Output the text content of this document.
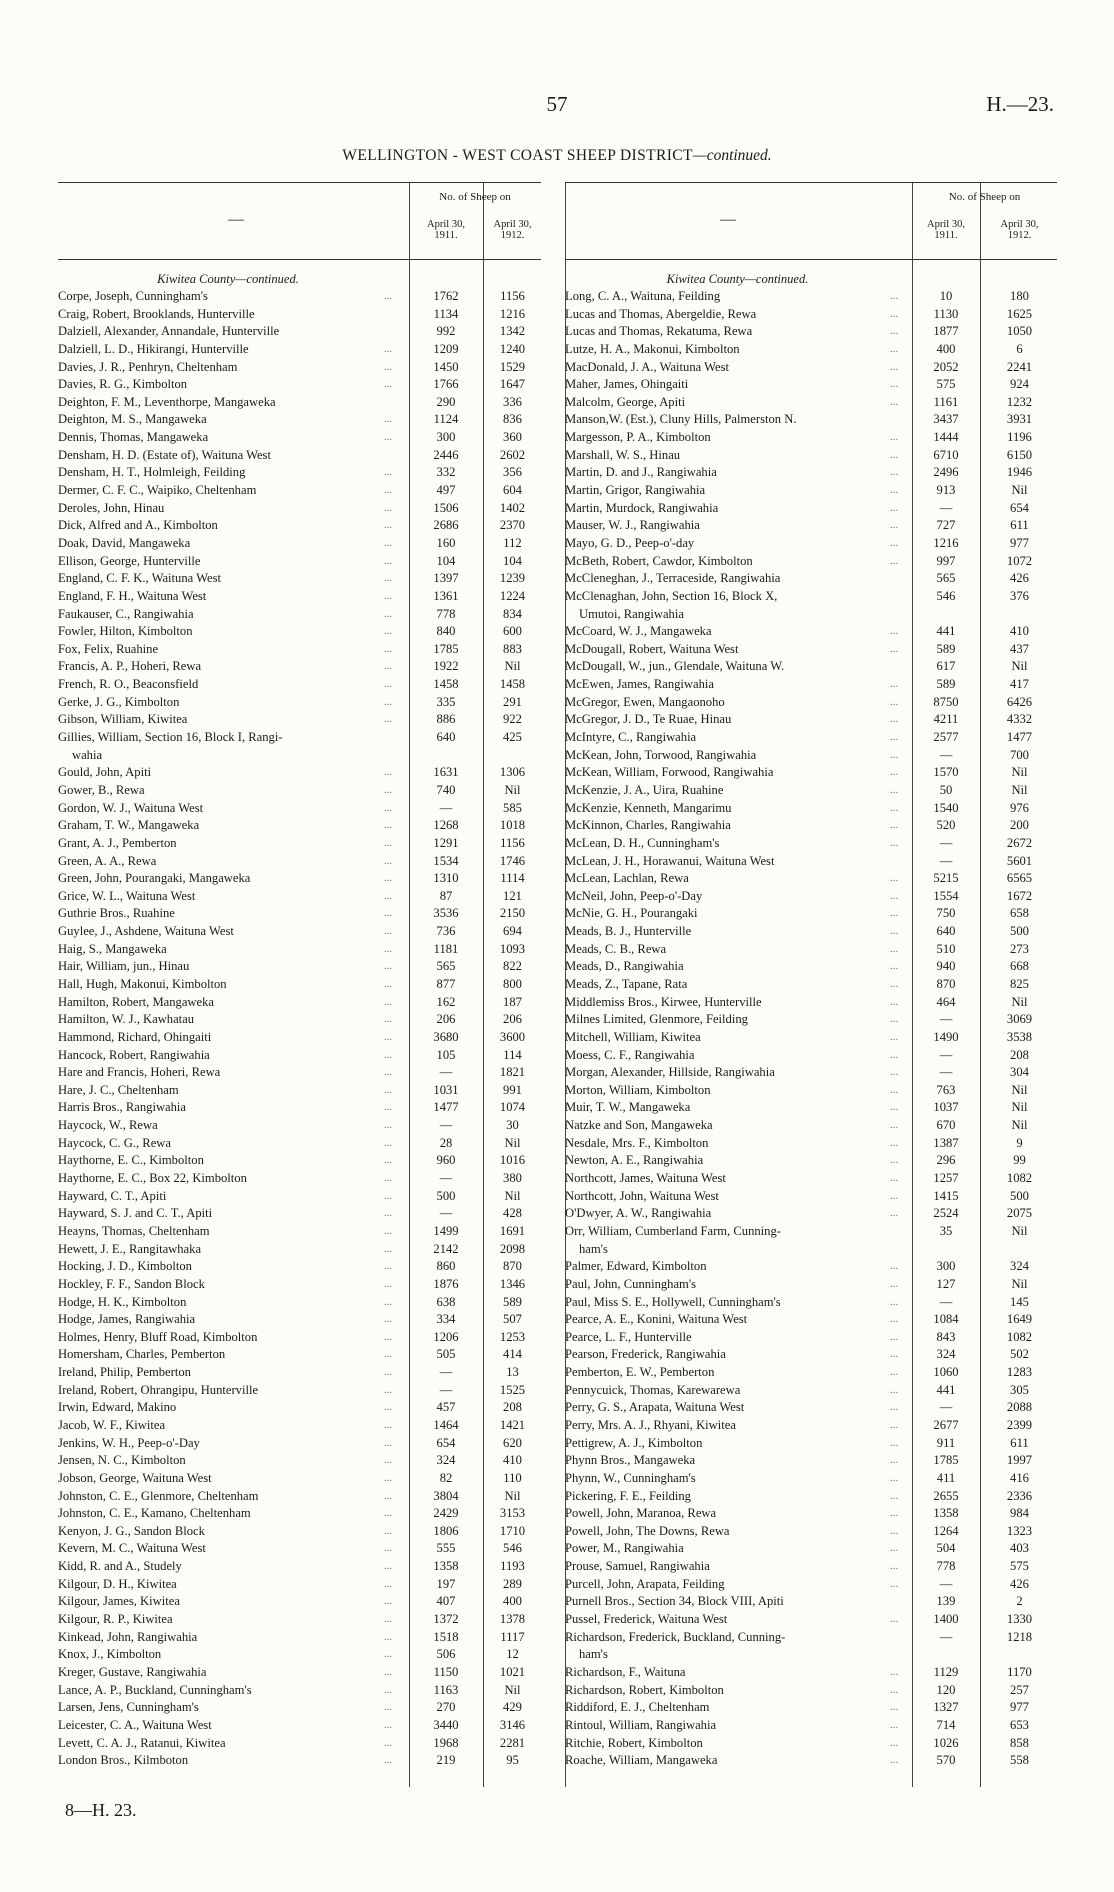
57	H.—23.
WELLINGTON - WEST COAST SHEEP DISTRICT—continued.
—
No. of Sheep on
April 30,
1911.
April 30,
1912.
Kiwitea County—continued.
Corpe, Joseph, Cunningham's	...	1762	1156
Craig, Robert, Brooklands, Hunterville	1134	1216
Dalziell, Alexander, Annandale, Hunterville	992	1342
Dalziell, L. D., Hikirangi, Hunterville	...	1209	1240
Davies, J. R., Penhryn, Cheltenham	...	1450	1529
Davies, R. G., Kimbolton	...	1766	1647
Deighton, F. M., Leventhorpe, Mangaweka	290	336
Deighton, M. S., Mangaweka	...	1124	836
Dennis, Thomas, Mangaweka	...	300	360
Densham, H. D. (Estate of), Waituna West	2446	2602
Densham, H. T., Holmleigh, Feilding	...	332	356
Dermer, C. F. C., Waipiko, Cheltenham	...	497	604
Deroles, John, Hinau	...	1506	1402
Dick, Alfred and A., Kimbolton	...	2686	2370
Doak, David, Mangaweka	...	160	112
Ellison, George, Hunterville	...	104	104
England, C. F. K., Waituna West	...	1397	1239
England, F. H., Waituna West	...	1361	1224
Faukauser, C., Rangiwahia	...	778	834
Fowler, Hilton, Kimbolton	...	840	600
Fox, Felix, Ruahine	...	1785	883
Francis, A. P., Hoheri, Rewa	...	1922	Nil
French, R. O., Beaconsfield	...	1458	1458
Gerke, J. G., Kimbolton	...	335	291
Gibson, William, Kiwitea	...	886	922
Gillies, William, Section 16, Block I, Rangi-	640	425
wahia
Gould, John, Apiti	...	1631	1306
Gower, B., Rewa	...	740	Nil
Gordon, W. J., Waituna West	...	—	585
Graham, T. W., Mangaweka	...	1268	1018
Grant, A. J., Pemberton	...	1291	1156
Green, A. A., Rewa	...	1534	1746
Green, John, Pourangaki, Mangaweka	...	1310	1114
Grice, W. L., Waituna West	...	87	121
Guthrie Bros., Ruahine	...	3536	2150
Guylee, J., Ashdene, Waituna West	...	736	694
Haig, S., Mangaweka	...	1181	1093
Hair, William, jun., Hinau	...	565	822
Hall, Hugh, Makonui, Kimbolton	...	877	800
Hamilton, Robert, Mangaweka	...	162	187
Hamilton, W. J., Kawhatau	...	206	206
Hammond, Richard, Ohingaiti	...	3680	3600
Hancock, Robert, Rangiwahia	...	105	114
Hare and Francis, Hoheri, Rewa	...	—	1821
Hare, J. C., Cheltenham	...	1031	991
Harris Bros., Rangiwahia	...	1477	1074
Haycock, W., Rewa	...	—	30
Haycock, C. G., Rewa	...	28	Nil
Haythorne, E. C., Kimbolton	...	960	1016
Haythorne, E. C., Box 22, Kimbolton	...	—	380
Hayward, C. T., Apiti	...	500	Nil
Hayward, S. J. and C. T., Apiti	...	—	428
Heayns, Thomas, Cheltenham	...	1499	1691
Hewett, J. E., Rangitawhaka	...	2142	2098
Hocking, J. D., Kimbolton	...	860	870
Hockley, F. F., Sandon Block	...	1876	1346
Hodge, H. K., Kimbolton	...	638	589
Hodge, James, Rangiwahia	...	334	507
Holmes, Henry, Bluff Road, Kimbolton	...	1206	1253
Homersham, Charles, Pemberton	...	505	414
Ireland, Philip, Pemberton	...	—	13
Ireland, Robert, Ohrangipu, Hunterville	...	—	1525
Irwin, Edward, Makino	...	457	208
Jacob, W. F., Kiwitea	...	1464	1421
Jenkins, W. H., Peep-o'-Day	...	654	620
Jensen, N. C., Kimbolton	...	324	410
Jobson, George, Waituna West	...	82	110
Johnston, C. E., Glenmore, Cheltenham	...	3804	Nil
Johnston, C. E., Kamano, Cheltenham	...	2429	3153
Kenyon, J. G., Sandon Block	...	1806	1710
Kevern, M. C., Waituna West	...	555	546
Kidd, R. and A., Studely	...	1358	1193
Kilgour, D. H., Kiwitea	...	197	289
Kilgour, James, Kiwitea	...	407	400
Kilgour, R. P., Kiwitea	...	1372	1378
Kinkead, John, Rangiwahia	...	1518	1117
Knox, J., Kimbolton	...	506	12
Kreger, Gustave, Rangiwahia	...	1150	1021
Lance, A. P., Buckland, Cunningham's	...	1163	Nil
Larsen, Jens, Cunningham's	...	270	429
Leicester, C. A., Waituna West	...	3440	3146
Levett, C. A. J., Ratanui, Kiwitea	...	1968	2281
London Bros., Kilmboton	...	219	95
—
No. of Sheep on
April 30,
1911.
April 30,
1912.
Kiwitea County—continued.
Long, C. A., Waituna, Feilding	...	10	180
Lucas and Thomas, Abergeldie, Rewa	...	1130	1625
Lucas and Thomas, Rekatuma, Rewa	...	1877	1050
Lutze, H. A., Makonui, Kimbolton	...	400	6
MacDonald, J. A., Waituna West	...	2052	2241
Maher, James, Ohingaiti	...	575	924
Malcolm, George, Apiti	...	1161	1232
Manson,W. (Est.), Cluny Hills, Palmerston N.	3437	3931
Margesson, P. A., Kimbolton	...	1444	1196
Marshall, W. S., Hinau	...	6710	6150
Martin, D. and J., Rangiwahia	...	2496	1946
Martin, Grigor, Rangiwahia	...	913	Nil
Martin, Murdock, Rangiwahia	...	—	654
Mauser, W. J., Rangiwahia	...	727	611
Mayo, G. D., Peep-o'-day	...	1216	977
McBeth, Robert, Cawdor, Kimbolton	...	997	1072
McCleneghan, J., Terraceside, Rangiwahia	565	426
McClenaghan, John, Section 16, Block X,	546	376
Umutoi, Rangiwahia
McCoard, W. J., Mangaweka	...	441	410
McDougall, Robert, Waituna West	...	589	437
McDougall, W., jun., Glendale, Waituna W.	617	Nil
McEwen, James, Rangiwahia	...	589	417
McGregor, Ewen, Mangaonoho	...	8750	6426
McGregor, J. D., Te Ruae, Hinau	...	4211	4332
McIntyre, C., Rangiwahia	...	2577	1477
McKean, John, Torwood, Rangiwahia	...	—	700
McKean, William, Forwood, Rangiwahia	...	1570	Nil
McKenzie, J. A., Uira, Ruahine	...	50	Nil
McKenzie, Kenneth, Mangarimu	...	1540	976
McKinnon, Charles, Rangiwahia	...	520	200
McLean, D. H., Cunningham's	...	—	2672
McLean, J. H., Horawanui, Waituna West	—	5601
McLean, Lachlan, Rewa	...	5215	6565
McNeil, John, Peep-o'-Day	...	1554	1672
McNie, G. H., Pourangaki	...	750	658
Meads, B. J., Hunterville	...	640	500
Meads, C. B., Rewa	...	510	273
Meads, D., Rangiwahia	...	940	668
Meads, Z., Tapane, Rata	...	870	825
Middlemiss Bros., Kirwee, Hunterville	...	464	Nil
Milnes Limited, Glenmore, Feilding	...	—	3069
Mitchell, William, Kiwitea	...	1490	3538
Moess, C. F., Rangiwahia	...	—	208
Morgan, Alexander, Hillside, Rangiwahia	...	—	304
Morton, William, Kimbolton	...	763	Nil
Muir, T. W., Mangaweka	...	1037	Nil
Natzke and Son, Mangaweka	...	670	Nil
Nesdale, Mrs. F., Kimbolton	...	1387	9
Newton, A. E., Rangiwahia	...	296	99
Northcott, James, Waituna West	...	1257	1082
Northcott, John, Waituna West	...	1415	500
O'Dwyer, A. W., Rangiwahia	...	2524	2075
Orr, William, Cumberland Farm, Cunning-	35	Nil
ham's
Palmer, Edward, Kimbolton	...	300	324
Paul, John, Cunningham's	...	127	Nil
Paul, Miss S. E., Hollywell, Cunningham's	...	—	145
Pearce, A. E., Konini, Waituna West	...	1084	1649
Pearce, L. F., Hunterville	...	843	1082
Pearson, Frederick, Rangiwahia	...	324	502
Pemberton, E. W., Pemberton	...	1060	1283
Pennycuick, Thomas, Karewarewa	...	441	305
Perry, G. S., Arapata, Waituna West	...	—	2088
Perry, Mrs. A. J., Rhyani, Kiwitea	...	2677	2399
Pettigrew, A. J., Kimbolton	...	911	611
Phynn Bros., Mangaweka	...	1785	1997
Phynn, W., Cunningham's	...	411	416
Pickering, F. E., Feilding	...	2655	2336
Powell, John, Maranoa, Rewa	...	1358	984
Powell, John, The Downs, Rewa	...	1264	1323
Power, M., Rangiwahia	...	504	403
Prouse, Samuel, Rangiwahia	...	778	575
Purcell, John, Arapata, Feilding	...	—	426
Purnell Bros., Section 34, Block VIII, Apiti	139	2
Pussel, Frederick, Waituna West	...	1400	1330
Richardson, Frederick, Buckland, Cunning-	—	1218
ham's
Richardson, F., Waituna	...	1129	1170
Richardson, Robert, Kimbolton	...	120	257
Riddiford, E. J., Cheltenham	...	1327	977
Rintoul, William, Rangiwahia	...	714	653
Ritchie, Robert, Kimbolton	...	1026	858
Roache, William, Mangaweka	...	570	558
8—H. 23.
